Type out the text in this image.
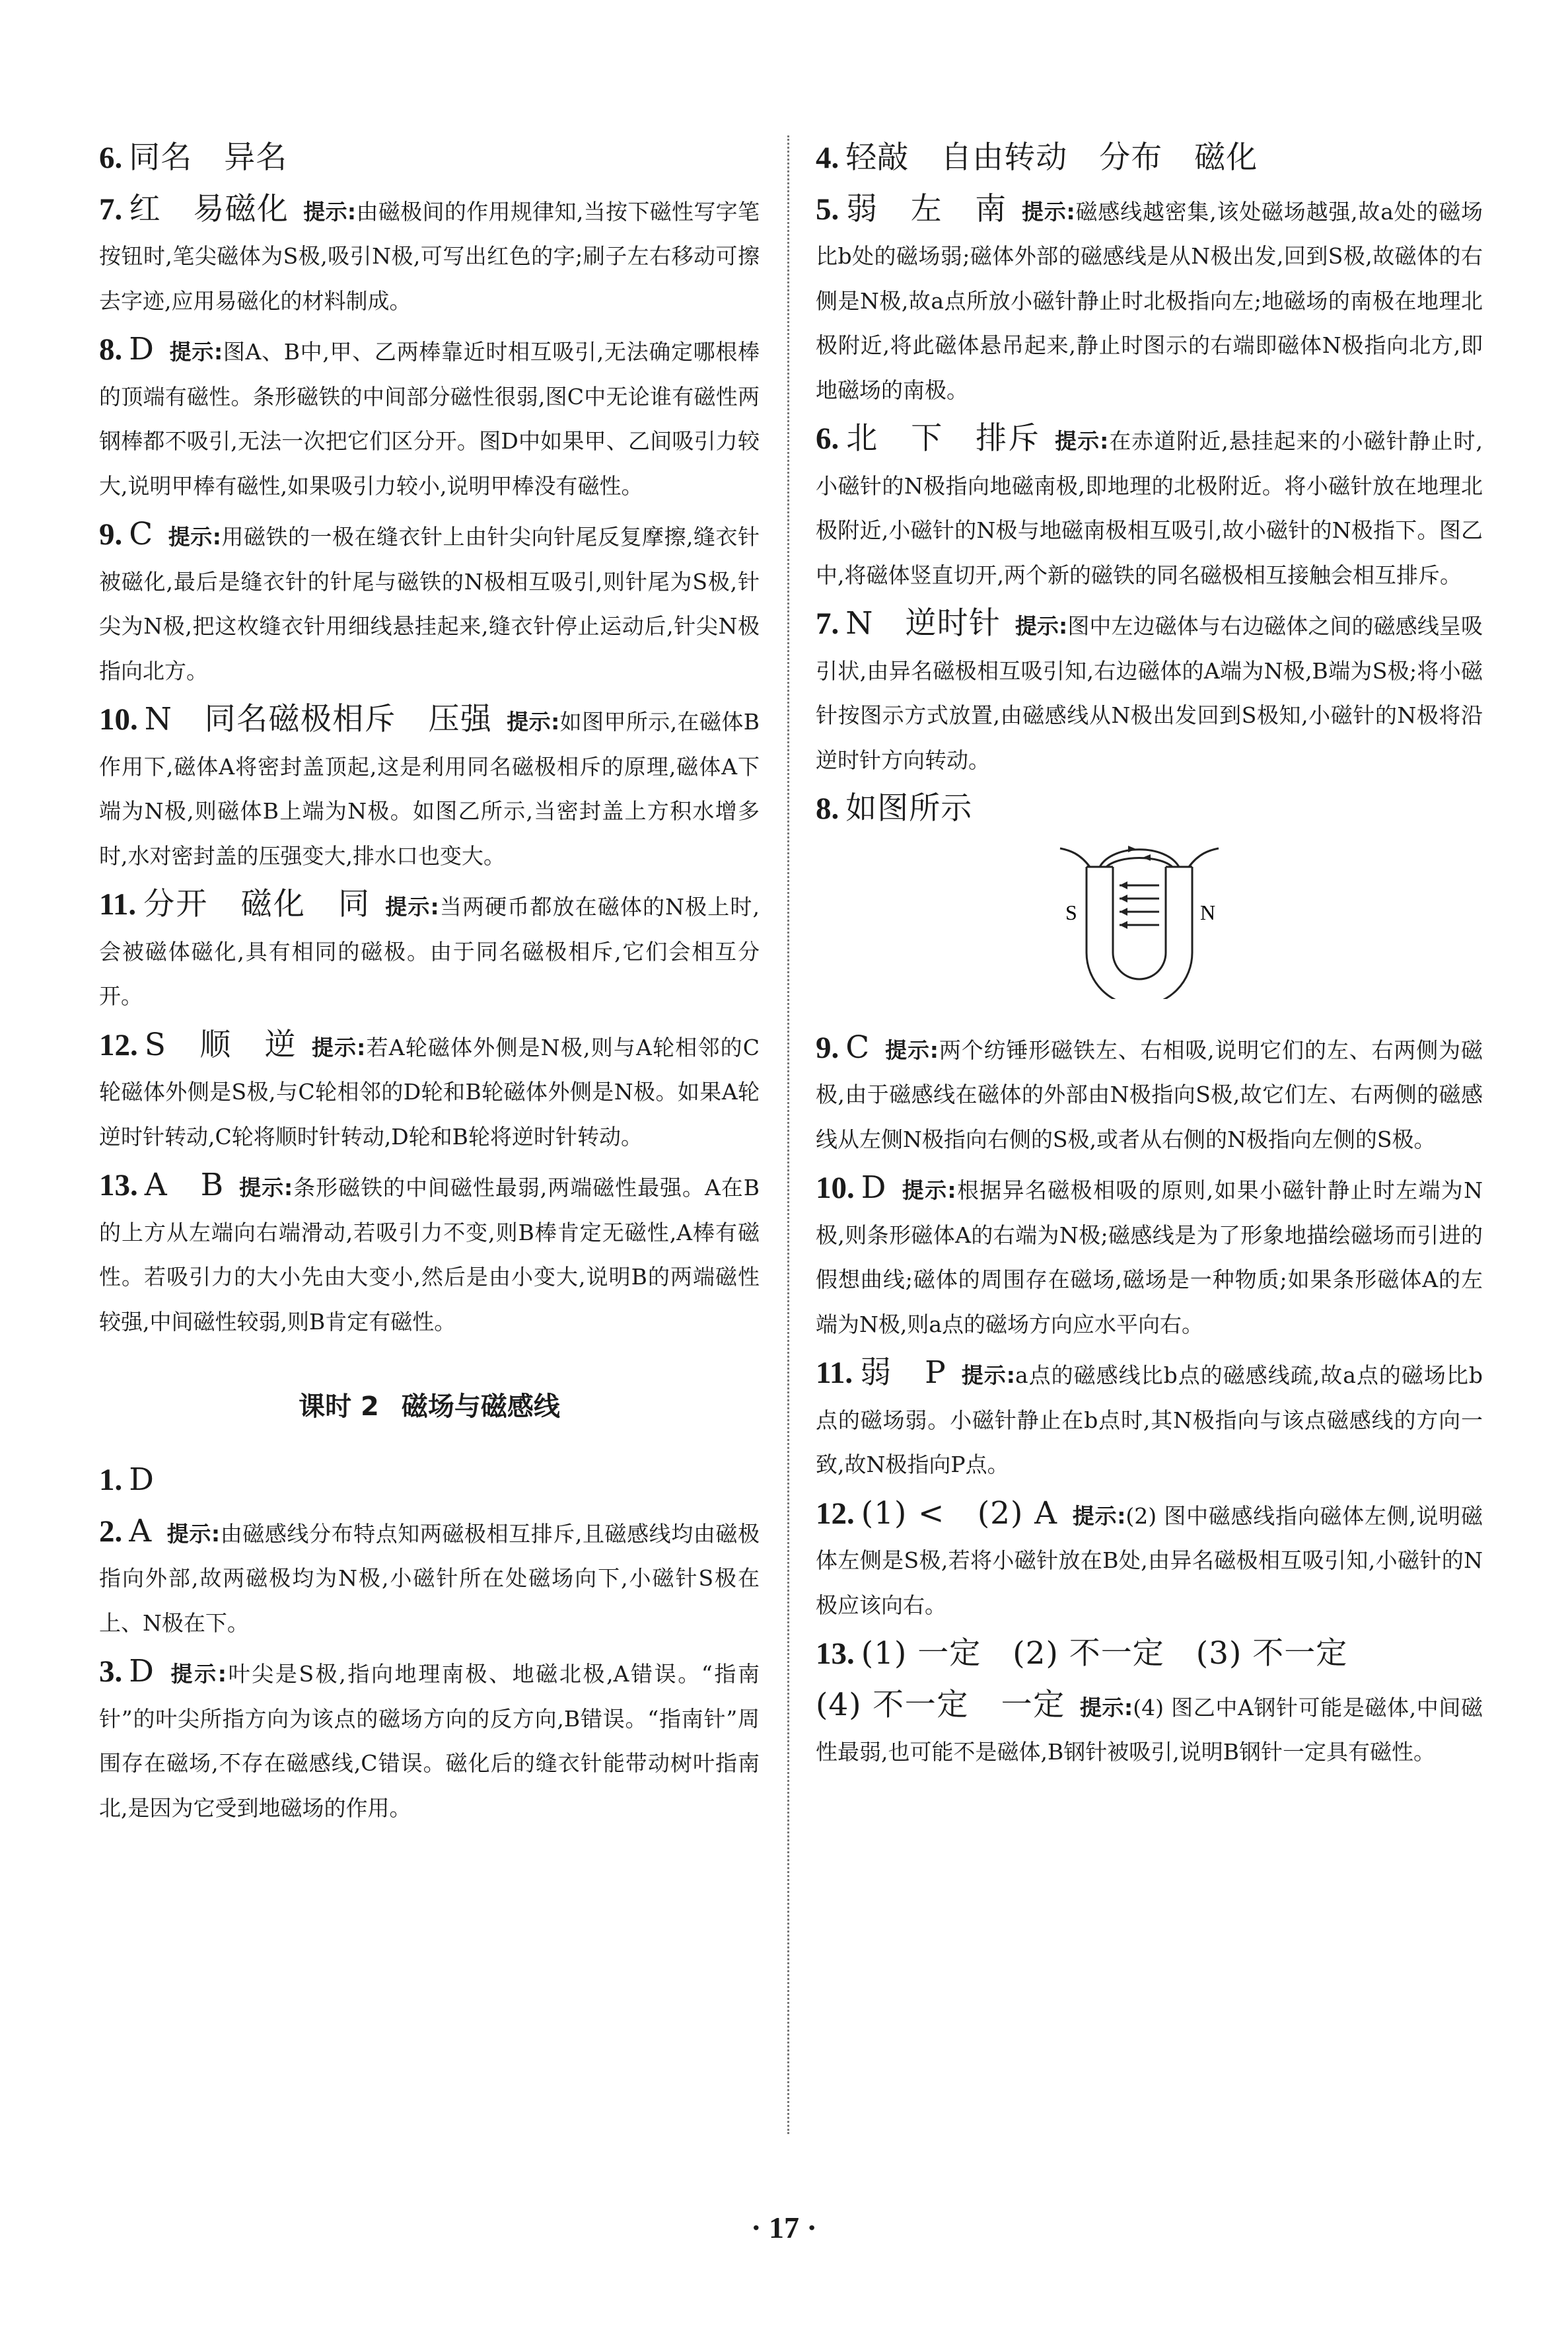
6. 同名　异名
7. 红　易磁化 提示:由磁极间的作用规律知,当按下磁性写字笔按钮时,笔尖磁体为S极,吸引N极,可写出红色的字;刷子左右移动可擦去字迹,应用易磁化的材料制成。
8. D 提示:图A、B中,甲、乙两棒靠近时相互吸引,无法确定哪根棒的顶端有磁性。条形磁铁的中间部分磁性很弱,图C中无论谁有磁性两钢棒都不吸引,无法一次把它们区分开。图D中如果甲、乙间吸引力较大,说明甲棒有磁性,如果吸引力较小,说明甲棒没有磁性。
9. C 提示:用磁铁的一极在缝衣针上由针尖向针尾反复摩擦,缝衣针被磁化,最后是缝衣针的针尾与磁铁的N极相互吸引,则针尾为S极,针尖为N极,把这枚缝衣针用细线悬挂起来,缝衣针停止运动后,针尖N极指向北方。
10. N　同名磁极相斥　压强 提示:如图甲所示,在磁体B作用下,磁体A将密封盖顶起,这是利用同名磁极相斥的原理,磁体A下端为N极,则磁体B上端为N极。如图乙所示,当密封盖上方积水增多时,水对密封盖的压强变大,排水口也变大。
11. 分开　磁化　同 提示:当两硬币都放在磁体的N极上时,会被磁体磁化,具有相同的磁极。由于同名磁极相斥,它们会相互分开。
12. S　顺　逆 提示:若A轮磁体外侧是N极,则与A轮相邻的C轮磁体外侧是S极,与C轮相邻的D轮和B轮磁体外侧是N极。如果A轮逆时针转动,C轮将顺时针转动,D轮和B轮将逆时针转动。
13. A　B 提示:条形磁铁的中间磁性最弱,两端磁性最强。A在B的上方从左端向右端滑动,若吸引力不变,则B棒肯定无磁性,A棒有磁性。若吸引力的大小先由大变小,然后是由小变大,说明B的两端磁性较强,中间磁性较弱,则B肯定有磁性。
课时 2 磁场与磁感线
1. D
2. A 提示:由磁感线分布特点知两磁极相互排斥,且磁感线均由磁极指向外部,故两磁极均为N极,小磁针所在处磁场向下,小磁针S极在上、N极在下。
3. D 提示:叶尖是S极,指向地理南极、地磁北极,A错误。“指南针”的叶尖所指方向为该点的磁场方向的反方向,B错误。“指南针”周围存在磁场,不存在磁感线,C错误。磁化后的缝衣针能带动树叶指南北,是因为它受到地磁场的作用。
4. 轻敲　自由转动　分布　磁化
5. 弱　左　南 提示:磁感线越密集,该处磁场越强,故a处的磁场比b处的磁场弱;磁体外部的磁感线是从N极出发,回到S极,故磁体的右侧是N极,故a点所放小磁针静止时北极指向左;地磁场的南极在地理北极附近,将此磁体悬吊起来,静止时图示的右端即磁体N极指向北方,即地磁场的南极。
6. 北　下　排斥 提示:在赤道附近,悬挂起来的小磁针静止时,小磁针的N极指向地磁南极,即地理的北极附近。将小磁针放在地理北极附近,小磁针的N极与地磁南极相互吸引,故小磁针的N极指下。图乙中,将磁体竖直切开,两个新的磁铁的同名磁极相互接触会相互排斥。
7. N　逆时针 提示:图中左边磁体与右边磁体之间的磁感线呈吸引状,由异名磁极相互吸引知,右边磁体的A端为N极,B端为S极;将小磁针按图示方式放置,由磁感线从N极出发回到S极知,小磁针的N极将沿逆时针方向转动。
8. 如图所示
S	N
9. C 提示:两个纺锤形磁铁左、右相吸,说明它们的左、右两侧为磁极,由于磁感线在磁体的外部由N极指向S极,故它们左、右两侧的磁感线从左侧N极指向右侧的S极,或者从右侧的N极指向左侧的S极。
10. D 提示:根据异名磁极相吸的原则,如果小磁针静止时左端为N极,则条形磁体A的右端为N极;磁感线是为了形象地描绘磁场而引进的假想曲线;磁体的周围存在磁场,磁场是一种物质;如果条形磁体A的左端为N极,则a点的磁场方向应水平向右。
11. 弱　P 提示:a点的磁感线比b点的磁感线疏,故a点的磁场比b点的磁场弱。小磁针静止在b点时,其N极指向与该点磁感线的方向一致,故N极指向P点。
12. (1) <　(2) A 提示:(2) 图中磁感线指向磁体左侧,说明磁体左侧是S极,若将小磁针放在B处,由异名磁极相互吸引知,小磁针的N极应该向右。
13. (1) 一定　(2) 不一定　(3) 不一定
(4) 不一定　一定 提示:(4) 图乙中A钢针可能是磁体,中间磁性最弱,也可能不是磁体,B钢针被吸引,说明B钢针一定具有磁性。
· 17 ·
